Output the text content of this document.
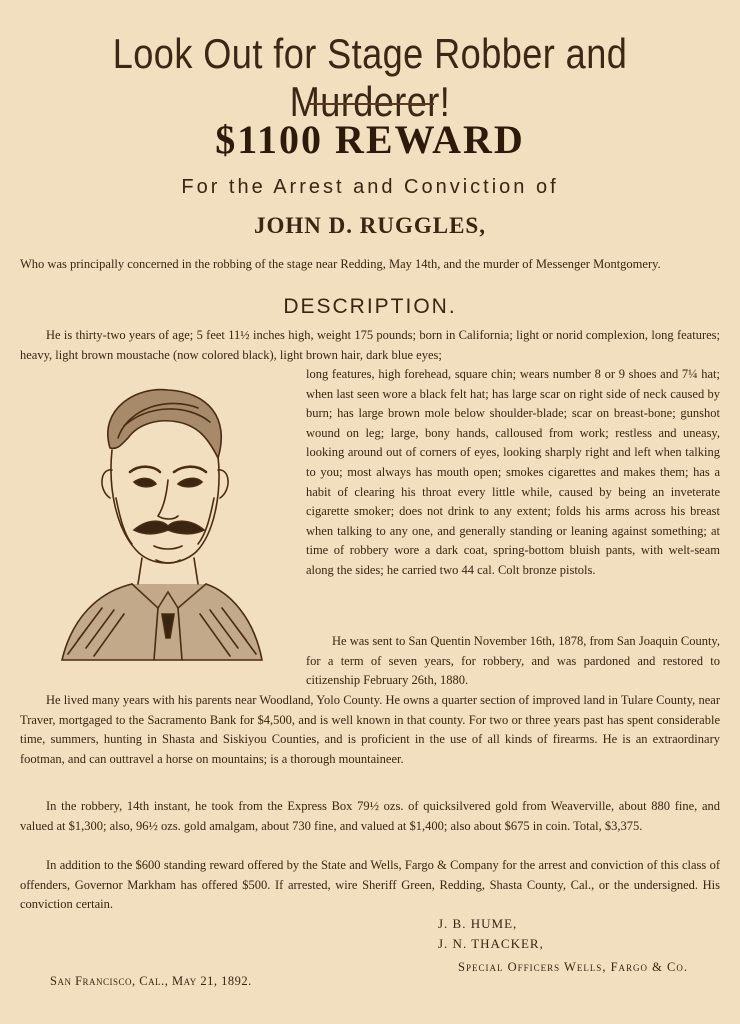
Look Out for Stage Robber and Murderer!
$1100 REWARD
For the Arrest and Conviction of
JOHN D. RUGGLES,
Who was principally concerned in the robbing of the stage near Redding, May 14th, and the murder of Messenger Montgomery.
DESCRIPTION.
He is thirty-two years of age; 5 feet 11½ inches high, weight 175 pounds; born in California; light or norid complexion, long features; heavy, light brown moustache (now colored black), light brown hair, dark blue eyes;
long features, high forehead, square chin; wears number 8 or 9 shoes and 7¼ hat; when last seen wore a black felt hat; has large scar on right side of neck caused by burn; has large brown mole below shoulder-blade; scar on breast-bone; gunshot wound on leg; large, bony hands, calloused from work; restless and uneasy, looking around out of corners of eyes, looking sharply right and left when talking to you; most always has mouth open; smokes cigarettes and makes them; has a habit of clearing his throat every little while, caused by being an inveterate cigarette smoker; does not drink to any extent; folds his arms across his breast when talking to any one, and generally standing or leaning against something; at time of robbery wore a dark coat, spring-bottom bluish pants, with welt-seam along the sides; he carried two 44 cal. Colt bronze pistols.
He was sent to San Quentin November 16th, 1878, from San Joaquin County, for a term of seven years, for robbery, and was pardoned and restored to citizenship February 26th, 1880.
He lived many years with his parents near Woodland, Yolo County. He owns a quarter section of improved land in Tulare County, near Traver, mortgaged to the Sacramento Bank for $4,500, and is well known in that county. For two or three years past has spent considerable time, summers, hunting in Shasta and Siskiyou Counties, and is proficient in the use of all kinds of firearms. He is an extraordinary footman, and can outtravel a horse on mountains; is a thorough mountaineer.
In the robbery, 14th instant, he took from the Express Box 79½ ozs. of quicksilvered gold from Weaverville, about 880 fine, and valued at $1,300; also, 96½ ozs. gold amalgam, about 730 fine, and valued at $1,400; also about $675 in coin. Total, $3,375.
In addition to the $600 standing reward offered by the State and Wells, Fargo & Company for the arrest and conviction of this class of offenders, Governor Markham has offered $500. If arrested, wire Sheriff Green, Redding, Shasta County, Cal., or the undersigned. His conviction certain.
J. B. HUME,
J. N. THACKER,
Special Officers Wells, Fargo & Co.
San Francisco, Cal., May 21, 1892.
